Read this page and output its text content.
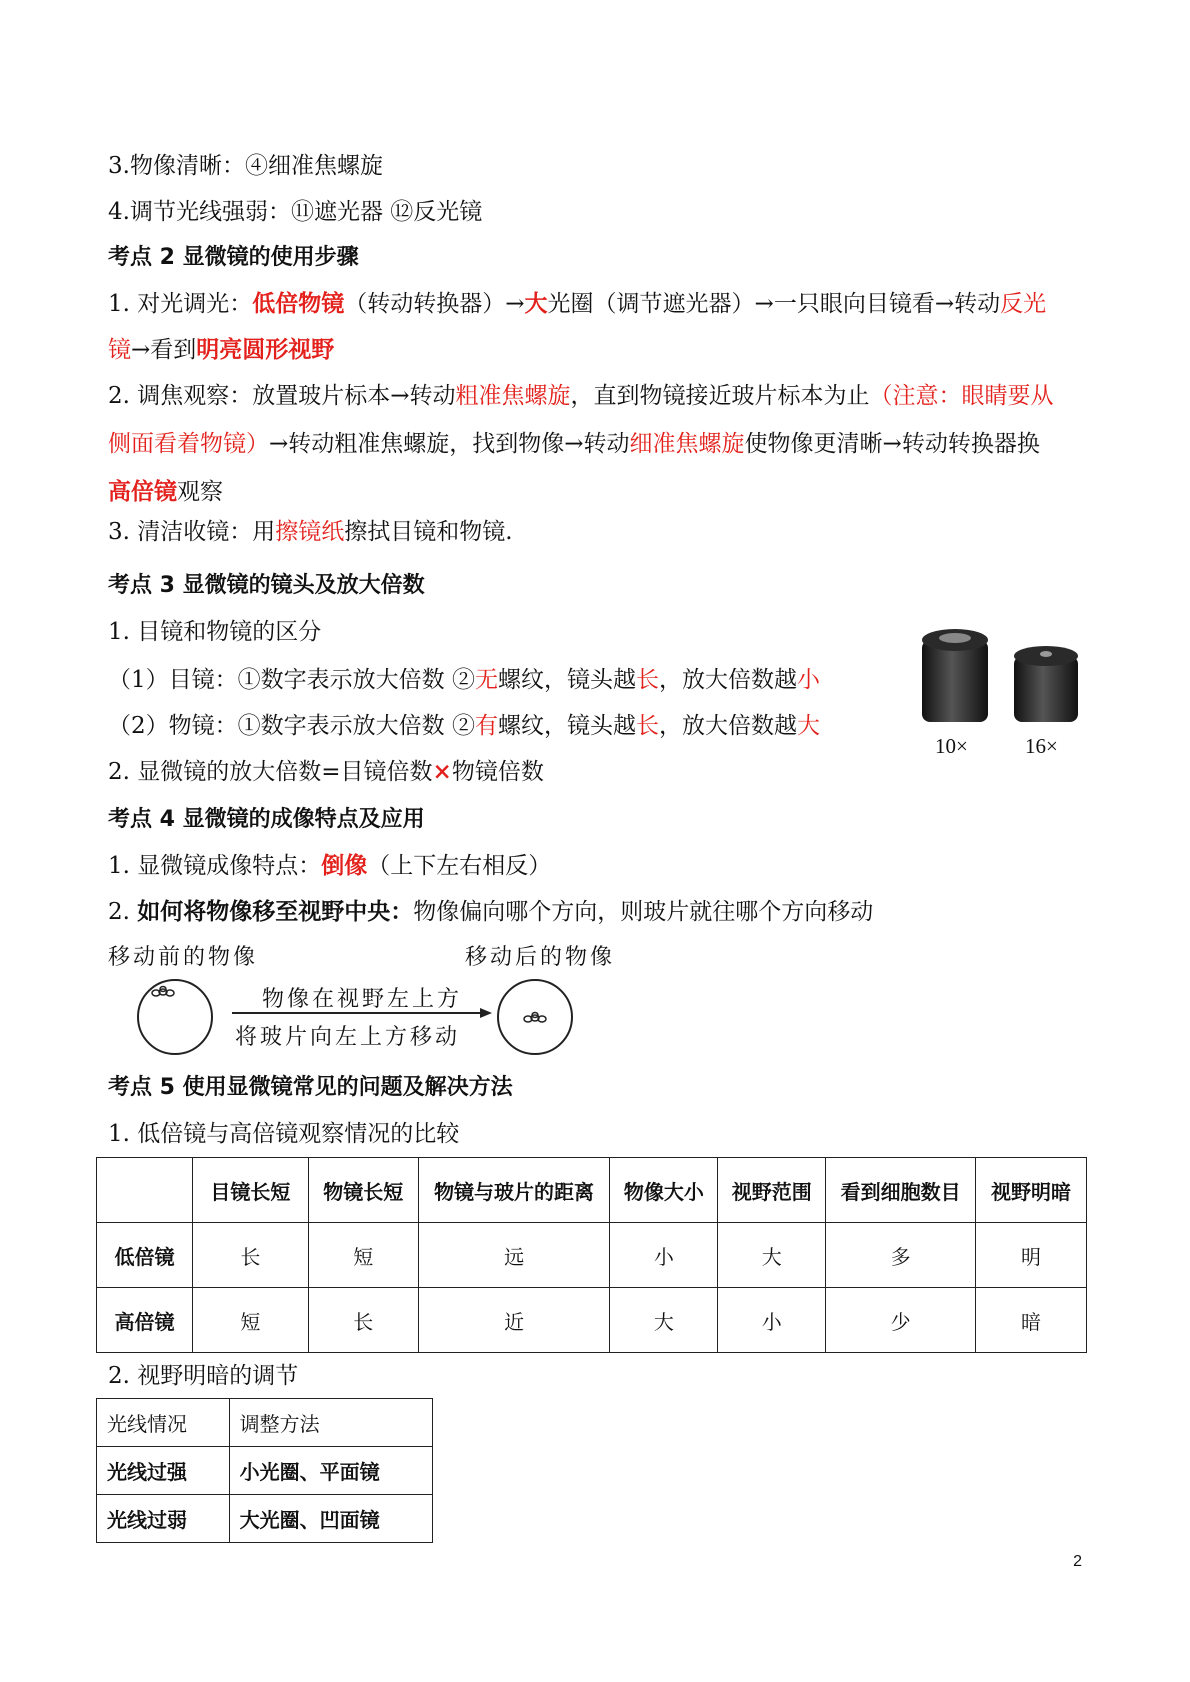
3.物像清晰：④细准焦螺旋
4.调节光线强弱：⑪遮光器 ⑫反光镜
考点 2 显微镜的使用步骤
1. 对光调光：低倍物镜（转动转换器）→大光圈（调节遮光器）→一只眼向目镜看→转动反光
镜→看到明亮圆形视野
2. 调焦观察：放置玻片标本→转动粗准焦螺旋，直到物镜接近玻片标本为止（注意：眼睛要从
侧面看着物镜）→转动粗准焦螺旋，找到物像→转动细准焦螺旋使物像更清晰→转动转换器换
高倍镜观察
3. 清洁收镜：用擦镜纸擦拭目镜和物镜.
考点 3 显微镜的镜头及放大倍数
1. 目镜和物镜的区分
（1）目镜：①数字表示放大倍数 ②无螺纹，镜头越长，放大倍数越小
（2）物镜：①数字表示放大倍数 ②有螺纹，镜头越长，放大倍数越大
2. 显微镜的放大倍数=目镜倍数×物镜倍数
10×	16×
考点 4 显微镜的成像特点及应用
1. 显微镜成像特点：倒像（上下左右相反）
2. 如何将物像移至视野中央：物像偏向哪个方向，则玻片就往哪个方向移动
移动前的物像	移动后的物像
物像在视野左上方
将玻片向左上方移动
考点 5 使用显微镜常见的问题及解决方法
1. 低倍镜与高倍镜观察情况的比较
	目镜长短	物镜长短	物镜与玻片的距离	物像大小	视野范围	看到细胞数目	视野明暗
低倍镜	长	短	远	小	大	多	明
高倍镜	短	长	近	大	小	少	暗
2. 视野明暗的调节
光线情况	调整方法
光线过强	小光圈、平面镜
光线过弱	大光圈、凹面镜
2
